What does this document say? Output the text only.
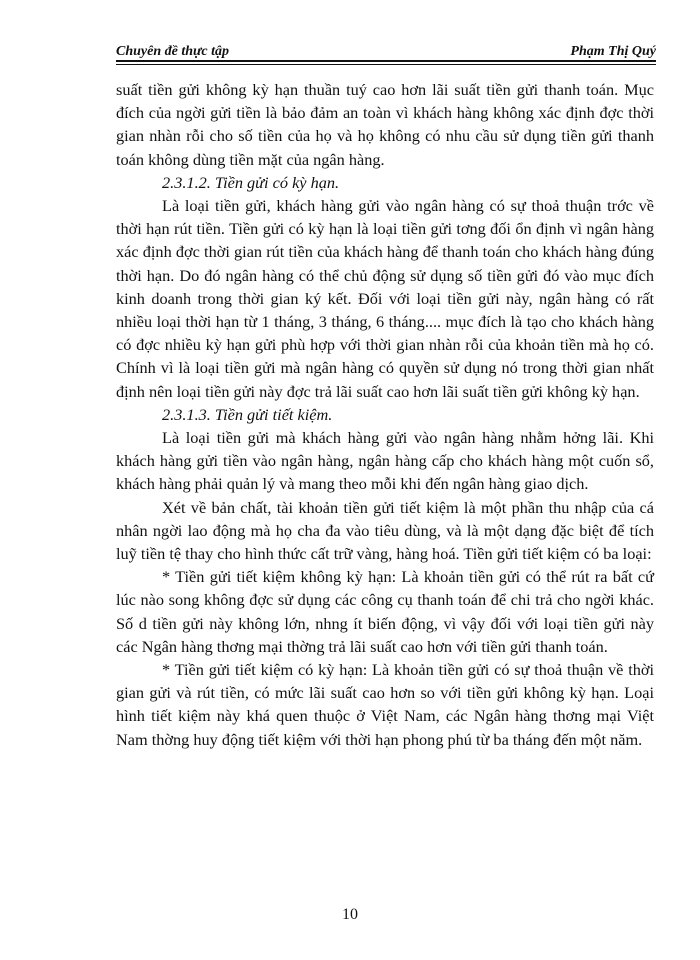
Chuyên đề thực tập	Phạm Thị Quý

suất tiền gửi không kỳ hạn thuần tuý cao hơn lãi suất tiền gửi thanh toán. Mục đích của ngời gửi tiền là bảo đảm an toàn vì khách hàng không xác định đợc thời gian nhàn rỗi cho số tiền của họ và họ không có nhu cầu sử dụng tiền gửi thanh toán không dùng tiền mặt của ngân hàng.

2.3.1.2. Tiền gửi có kỳ hạn.

Là loại tiền gửi, khách hàng gửi vào ngân hàng có sự thoả thuận trớc về thời hạn rút tiền. Tiền gửi có kỳ hạn là loại tiền gửi tơng đối ổn định vì ngân hàng xác định đợc thời gian rút tiền của khách hàng để thanh toán cho khách hàng đúng thời hạn. Do đó ngân hàng có thể chủ động sử dụng số tiền gửi đó vào mục đích kinh doanh trong thời gian ký kết. Đối với loại tiền gửi này, ngân hàng có rất nhiều loại thời hạn từ 1 tháng, 3 tháng, 6 tháng.... mục đích là tạo cho khách hàng có đợc nhiều kỳ hạn gửi phù hợp với thời gian nhàn rỗi của khoản tiền mà họ có. Chính vì là loại tiền gửi mà ngân hàng có quyền sử dụng nó trong thời gian nhất định nên loại tiền gửi này đợc trả lãi suất cao hơn lãi suất tiền gửi không kỳ hạn.

2.3.1.3. Tiền gửi tiết kiệm.

Là loại tiền gửi mà khách hàng gửi vào ngân hàng nhằm hởng lãi. Khi khách hàng gửi tiền vào ngân hàng, ngân hàng cấp cho khách hàng một cuốn sổ, khách hàng phải quản lý và mang theo mỗi khi đến ngân hàng giao dịch.

Xét về bản chất, tài khoản tiền gửi tiết kiệm là một phần thu nhập của cá nhân ngời lao động mà họ cha đa vào tiêu dùng, và là một dạng đặc biệt để tích luỹ tiền tệ thay cho hình thức cất trữ vàng, hàng hoá. Tiền gửi tiết kiệm có ba loại:

* Tiền gửi tiết kiệm không kỳ hạn: Là khoản tiền gửi có thể rút ra bất cứ lúc nào song không đợc sử dụng các công cụ thanh toán để chi trả cho ngời khác. Số d tiền gửi này không lớn, nhng ít biến động, vì vậy đối với loại tiền gửi này các Ngân hàng thơng mại thờng trả lãi suất cao hơn với tiền gửi thanh toán.

* Tiền gửi tiết kiệm có kỳ hạn: Là khoản tiền gửi có sự thoả thuận về thời gian gửi và rút tiền, có mức lãi suất cao hơn so với tiền gửi không kỳ hạn. Loại hình tiết kiệm này khá quen thuộc ở Việt Nam, các Ngân hàng thơng mại Việt Nam thờng huy động tiết kiệm với thời hạn phong phú từ ba tháng đến một năm.

10
